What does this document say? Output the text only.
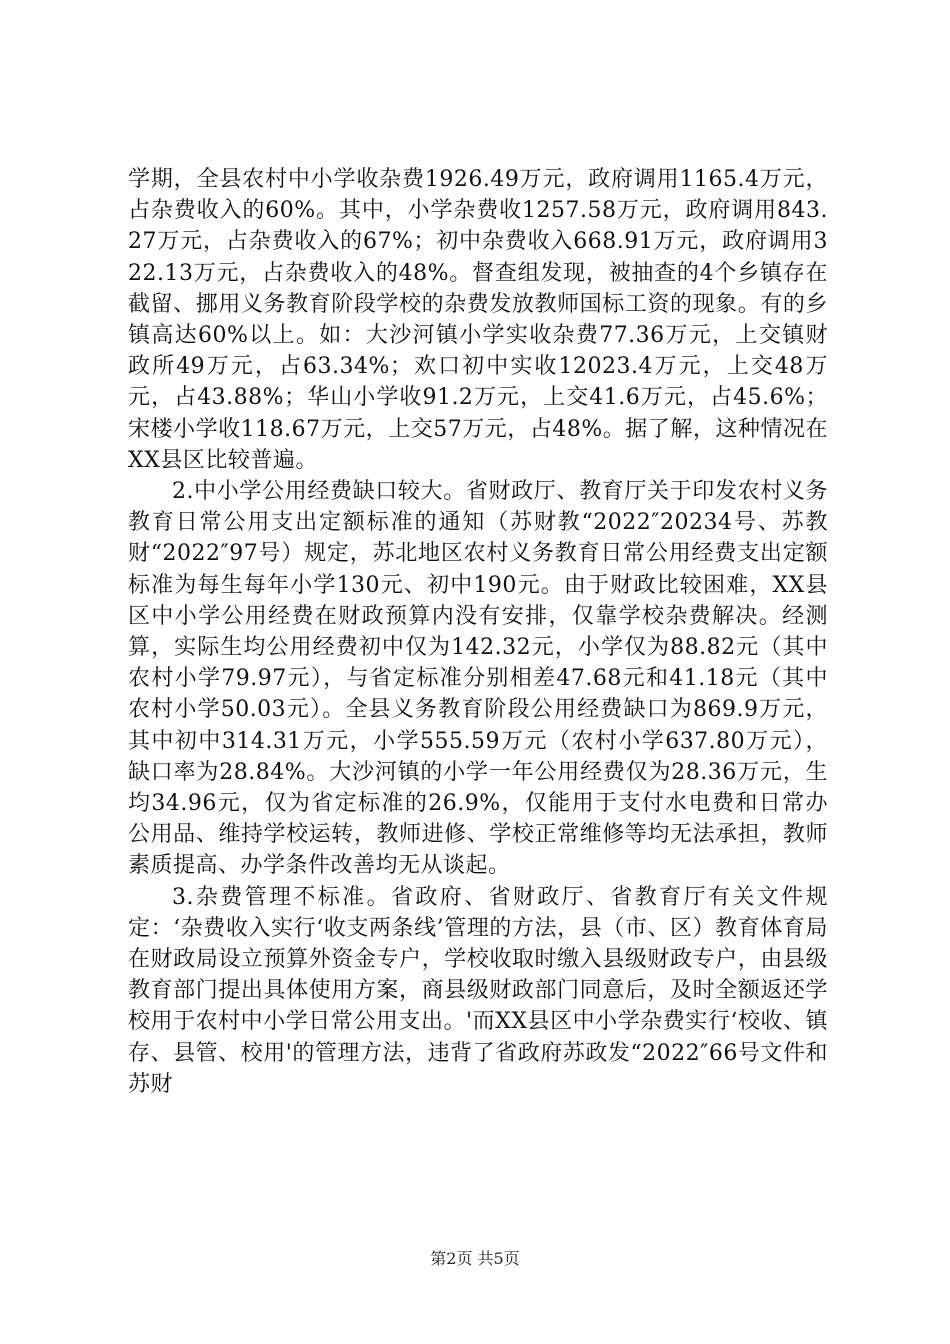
学期，全县农村中小学收杂费1926.49万元，政府调用1165.4万元，占杂费收入的60%。其中，小学杂费收1257.58万元，政府调用843.27万元，占杂费收入的67%；初中杂费收入668.91万元，政府调用322.13万元，占杂费收入的48%。督查组发现，被抽查的4个乡镇存在截留、挪用义务教育阶段学校的杂费发放教师国标工资的现象。有的乡镇高达60%以上。如：大沙河镇小学实收杂费77.36万元，上交镇财政所49万元，占63.34%；欢口初中实收12023.4万元，上交48万元，占43.88%；华山小学收91.2万元，上交41.6万元，占45.6%；宋楼小学收118.67万元，上交57万元，占48%。据了解，这种情况在XX县区比较普遍。

2.中小学公用经费缺口较大。省财政厅、教育厅关于印发农村义务教育日常公用支出定额标准的通知（苏财教“2022″20234号、苏教财“2022″97号）规定，苏北地区农村义务教育日常公用经费支出定额标准为每生每年小学130元、初中190元。由于财政比较困难，XX县区中小学公用经费在财政预算内没有安排，仅靠学校杂费解决。经测算，实际生均公用经费初中仅为142.32元，小学仅为88.82元（其中农村小学79.97元），与省定标准分别相差47.68元和41.18元（其中农村小学50.03元）。全县义务教育阶段公用经费缺口为869.9万元，其中初中314.31万元，小学555.59万元（农村小学637.80万元），缺口率为28.84%。大沙河镇的小学一年公用经费仅为28.36万元，生均34.96元，仅为省定标准的26.9%，仅能用于支付水电费和日常办公用品、维持学校运转，教师进修、学校正常维修等均无法承担，教师素质提高、办学条件改善均无从谈起。

3.杂费管理不标准。省政府、省财政厅、省教育厅有关文件规定：‘杂费收入实行‘收支两条线’管理的方法，县（市、区）教育体育局在财政局设立预算外资金专户，学校收取时缴入县级财政专户，由县级教育部门提出具体使用方案，商县级财政部门同意后，及时全额返还学校用于农村中小学日常公用支出。'而XX县区中小学杂费实行‘校收、镇存、县管、校用'的管理方法，违背了省政府苏政发“2022″66号文件和苏财

第2页 共5页
